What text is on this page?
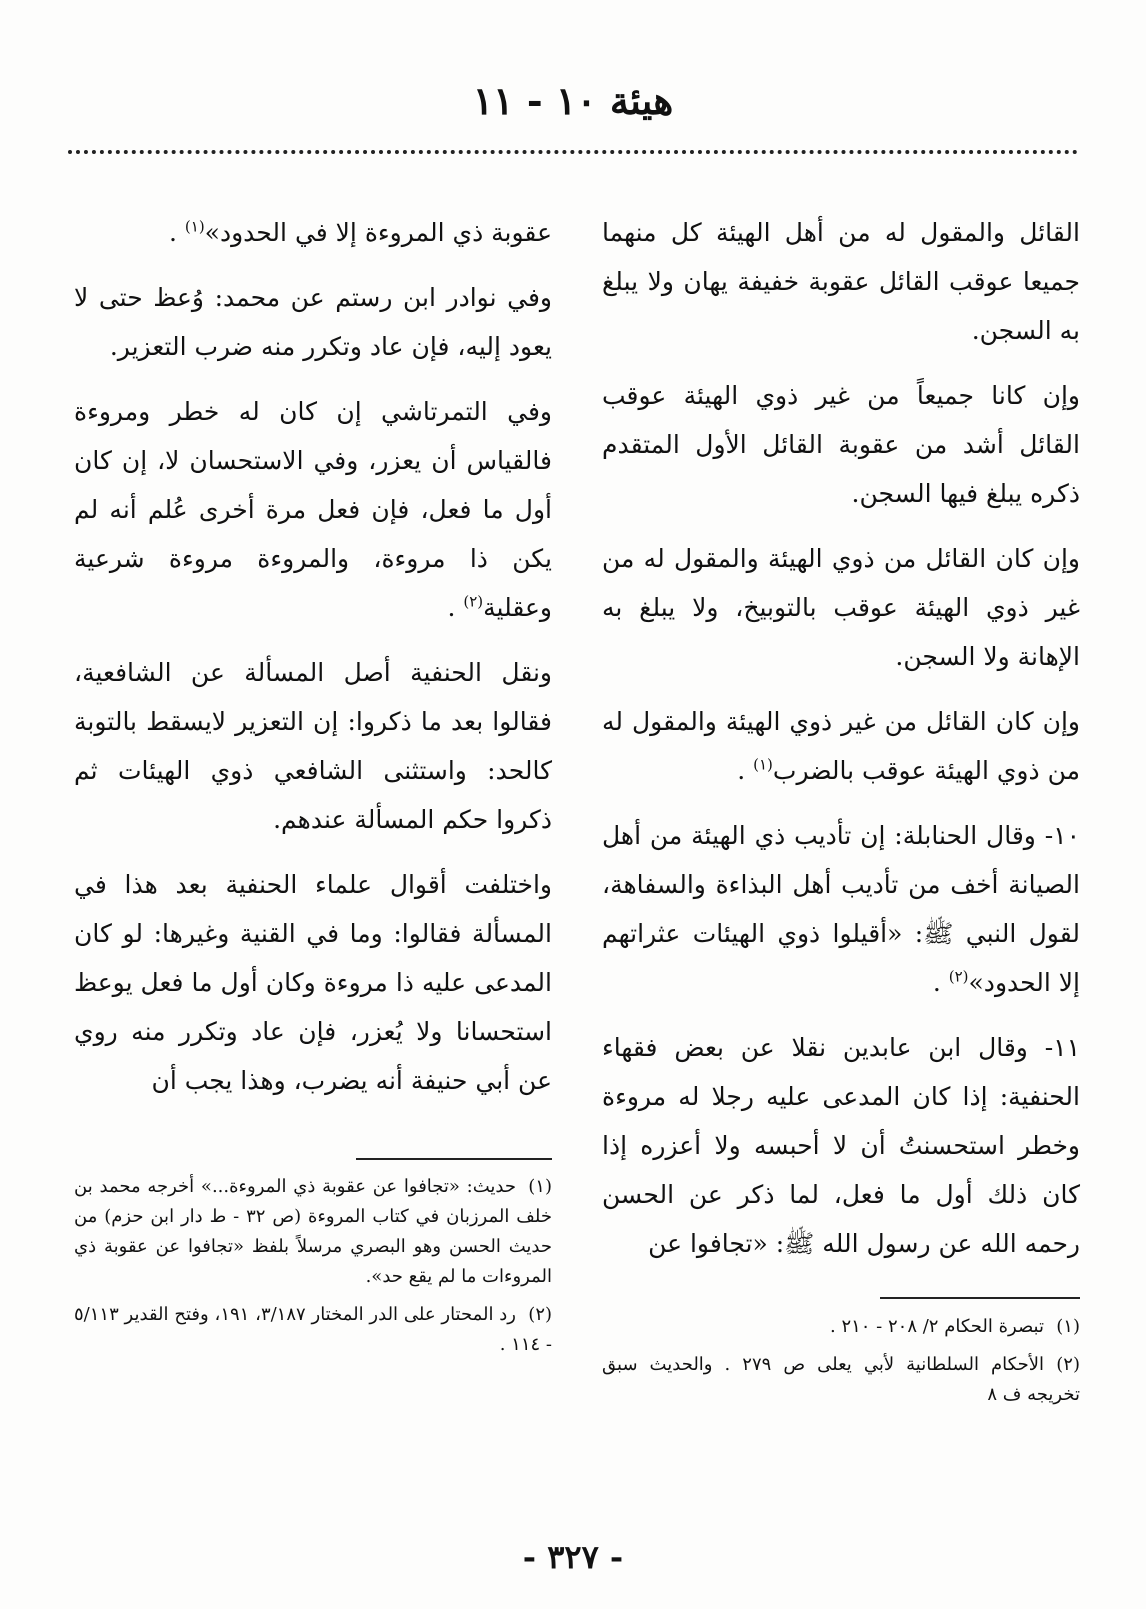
هيئة ١٠ - ١١

القائل والمقول له من أهل الهيئة كل منهما جميعا عوقب القائل عقوبة خفيفة يهان ولا يبلغ به السجن.

وإن كانا جميعاً من غير ذوي الهيئة عوقب القائل أشد من عقوبة القائل الأول المتقدم ذكره يبلغ فيها السجن.

وإن كان القائل من ذوي الهيئة والمقول له من غير ذوي الهيئة عوقب بالتوبيخ، ولا يبلغ به الإهانة ولا السجن.

وإن كان القائل من غير ذوي الهيئة والمقول له من ذوي الهيئة عوقب بالضرب$^{(١)}$ .

١٠- وقال الحنابلة: إن تأديب ذي الهيئة من أهل الصيانة أخف من تأديب أهل البذاءة والسفاهة، لقول النبي ﷺ: «أقيلوا ذوي الهيئات عثراتهم إلا الحدود»$^{(٢)}$ .

١١- وقال ابن عابدين نقلا عن بعض فقهاء الحنفية: إذا كان المدعى عليه رجلا له مروءة وخطر استحسنتُ أن لا أحبسه ولا أعزره إذا كان ذلك أول ما فعل، لما ذكر عن الحسن رحمه الله عن رسول الله ﷺ: «تجافوا عن

عقوبة ذي المروءة إلا في الحدود»$^{(١)}$ .

وفي نوادر ابن رستم عن محمد: وُعظ حتى لا يعود إليه، فإن عاد وتكرر منه ضرب التعزير.

وفي التمرتاشي إن كان له خطر ومروءة فالقياس أن يعزر، وفي الاستحسان لا، إن كان أول ما فعل، فإن فعل مرة أخرى عُلم أنه لم يكن ذا مروءة، والمروءة مروءة شرعية وعقلية$^{(٢)}$ .

ونقل الحنفية أصل المسألة عن الشافعية، فقالوا بعد ما ذكروا: إن التعزير لايسقط بالتوبة كالحد: واستثنى الشافعي ذوي الهيئات ثم ذكروا حكم المسألة عندهم.

واختلفت أقوال علماء الحنفية بعد هذا في المسألة فقالوا: وما في القنية وغيرها: لو كان المدعى عليه ذا مروءة وكان أول ما فعل يوعظ استحسانا ولا يُعزر، فإن عاد وتكرر منه روي عن أبي حنيفة أنه يضرب، وهذا يجب أن

(١)تبصرة الحكام ٢/ ٢٠٨ - ٢١٠ .

(٢)الأحكام السلطانية لأبي يعلى ص ٢٧٩ . والحديث سبق تخريجه ف ٨

(١)حديث: «تجافوا عن عقوبة ذي المروءة...» أخرجه محمد بن خلف المرزبان في كتاب المروءة (ص ٣٢ - ط دار ابن حزم) من حديث الحسن وهو البصري مرسلاً بلفظ «تجافوا عن عقوبة ذي المروءات ما لم يقع حد».

(٢)رد المحتار على الدر المختار ٣/١٨٧، ١٩١، وفتح القدير ٥/١١٣ - ١١٤ .

- ٣٢٧ -
